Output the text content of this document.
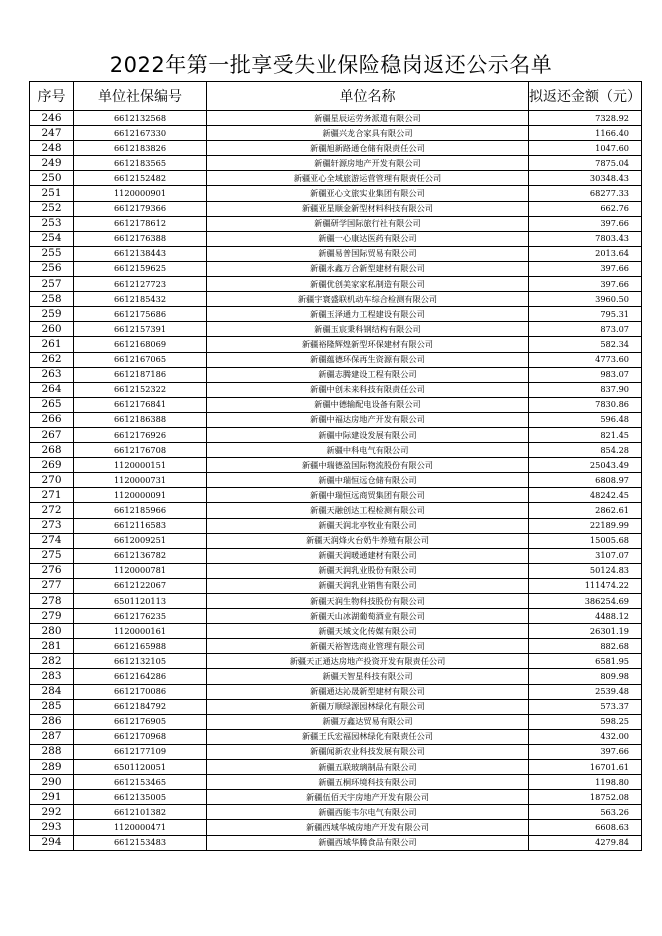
2022年第一批享受失业保险稳岗返还公示名单
序号	单位社保编号	单位名称	拟返还金额（元）
246	6612132568	新疆星辰运劳务派遣有限公司	7328.92
247	6612167330	新疆兴龙合家具有限公司	1166.40
248	6612183826	新疆旭新路通仓储有限责任公司	1047.60
249	6612183565	新疆轩源房地产开发有限公司	7875.04
250	6612152482	新疆亚心全域旅游运营管理有限责任公司	30348.43
251	1120000901	新疆亚心文旅实业集团有限公司	68277.33
252	6612179366	新疆亚星顺金新型材料科技有限公司	662.76
253	6612178612	新疆研学国际旅行社有限公司	397.66
254	6612176388	新疆一心康达医药有限公司	7803.43
255	6612138443	新疆易普国际贸易有限公司	2013.64
256	6612159625	新疆永鑫万合新型建材有限公司	397.66
257	6612127723	新疆优创美家家私制造有限公司	397.66
258	6612185432	新疆宇寰盛联机动车综合检测有限公司	3960.50
259	6612175686	新疆玉泽通力工程建设有限公司	795.31
260	6612157391	新疆玉宸秉科钢结构有限公司	873.07
261	6612168069	新疆裕隆辉煌新型环保建材有限公司	582.34
262	6612167065	新疆蕴德环保再生资源有限公司	4773.60
263	6612187186	新疆志腾建设工程有限公司	983.07
264	6612152322	新疆中创未来科技有限责任公司	837.90
265	6612176841	新疆中德输配电设备有限公司	7830.86
266	6612186388	新疆中福达房地产开发有限公司	596.48
267	6612176926	新疆中际建设发展有限公司	821.45
268	6612176708	新疆中科电气有限公司	854.28
269	1120000151	新疆中瑞德盈国际物流股份有限公司	25043.49
270	1120000731	新疆中瑞恒远仓储有限公司	6808.97
271	1120000091	新疆中瑞恒远商贸集团有限公司	48242.45
272	6612185966	新疆天融创达工程检测有限公司	2862.61
273	6612116583	新疆天润北亭牧业有限公司	22189.99
274	6612009251	新疆天润烽火台奶牛养殖有限公司	15005.68
275	6612136782	新疆天润暖通建材有限公司	3107.07
276	1120000781	新疆天润乳业股份有限公司	50124.83
277	6612122067	新疆天润乳业销售有限公司	111474.22
278	6501120113	新疆天润生物科技股份有限公司	386254.69
279	6612176235	新疆天山冰湖葡萄酒业有限公司	4488.12
280	1120000161	新疆天域文化传媒有限公司	26301.19
281	6612165988	新疆天裕智选商业管理有限公司	882.68
282	6612132105	新疆天正通达房地产投资开发有限责任公司	6581.95
283	6612164286	新疆天智星科技有限公司	809.98
284	6612170086	新疆通达沁晟新型建材有限公司	2539.48
285	6612184792	新疆万顺绿源园林绿化有限公司	573.37
286	6612176905	新疆万鑫达贸易有限公司	598.25
287	6612170968	新疆王氏宏福园林绿化有限责任公司	432.00
288	6612177109	新疆闻新农业科技发展有限公司	397.66
289	6501120051	新疆五联玻璃制品有限公司	16701.61
290	6612153465	新疆五桐环境科技有限公司	1198.80
291	6612135005	新疆伍佰天宇房地产开发有限公司	18752.08
292	6612101382	新疆西能韦尔电气有限公司	563.26
293	1120000471	新疆西域华城房地产开发有限公司	6608.63
294	6612153483	新疆西域华腾食品有限公司	4279.84
